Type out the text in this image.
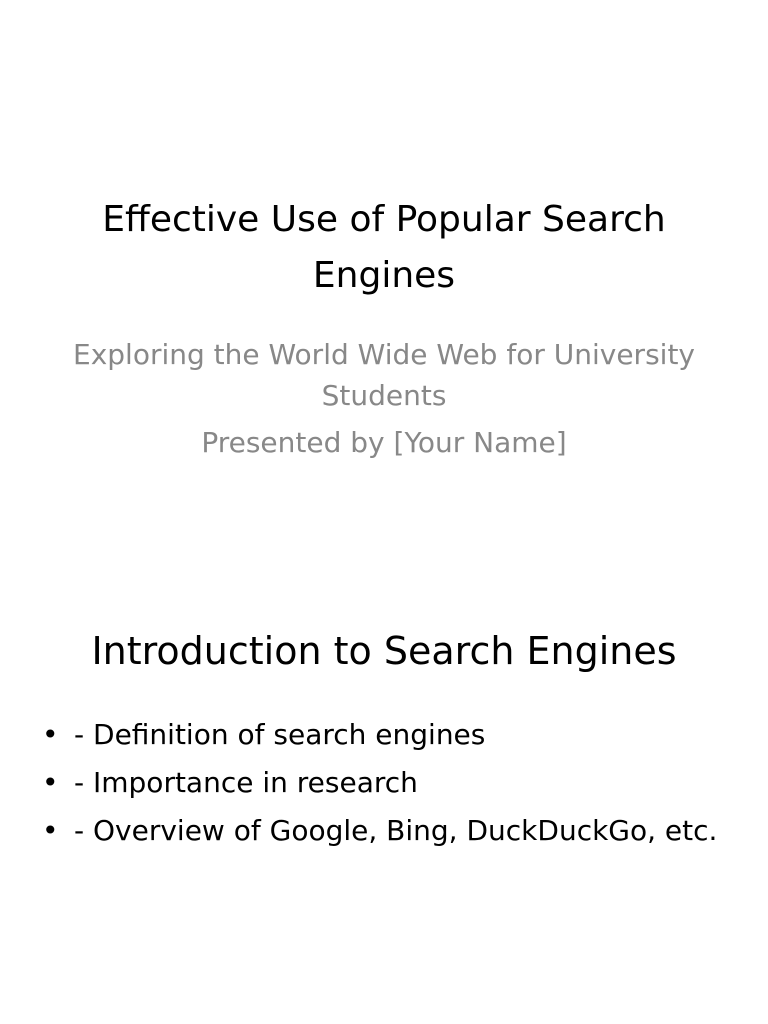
Effective Use of Popular Search Engines
Exploring the World Wide Web for University Students
Presented by [Your Name]
Introduction to Search Engines
• - Definition of search engines
• - Importance in research
• - Overview of Google, Bing, DuckDuckGo, etc.
